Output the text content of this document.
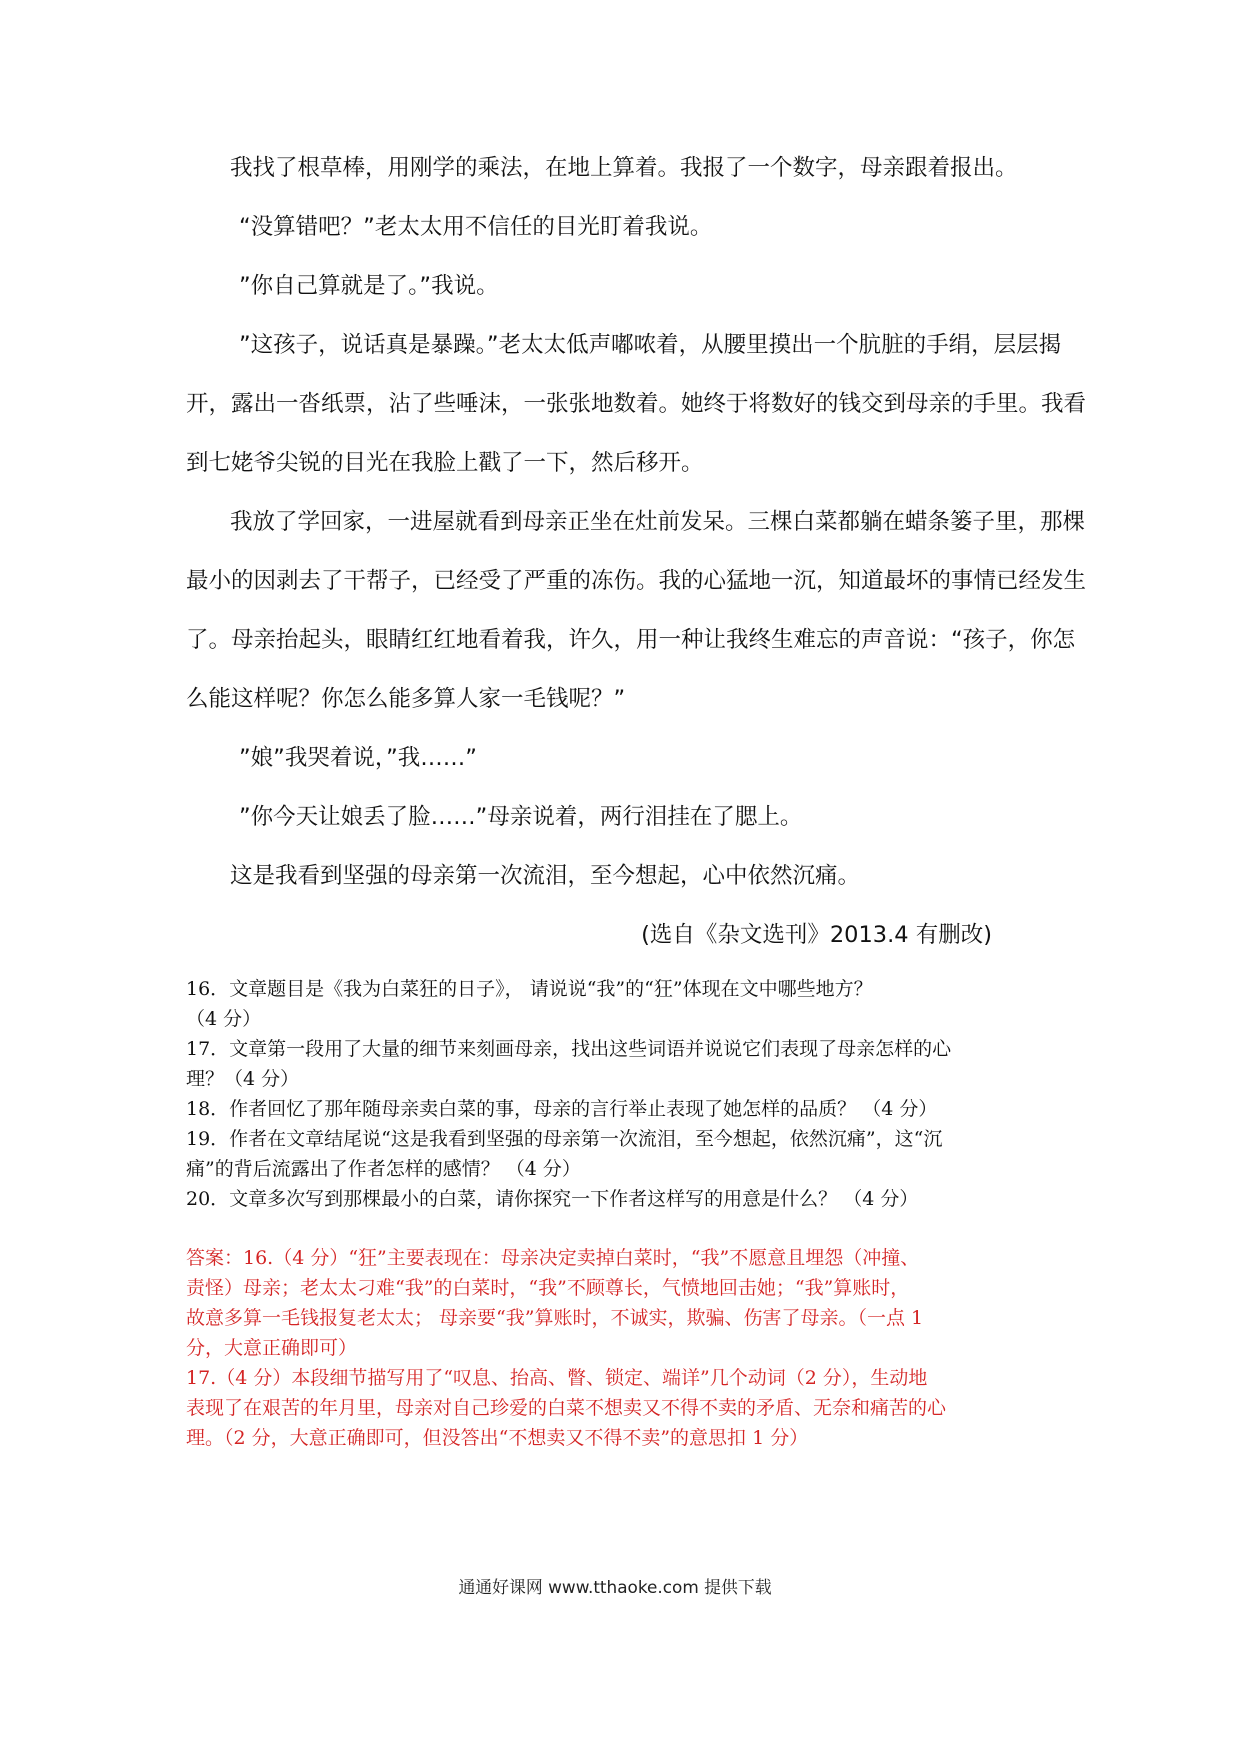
我找了根草棒，用刚学的乘法，在地上算着。我报了一个数字，母亲跟着报出。

“没算错吧？”老太太用不信任的目光盯着我说。

”你自己算就是了。”我说。

”这孩子，说话真是暴躁。”老太太低声嘟哝着，从腰里摸出一个肮脏的手绢，层层揭

开，露出一沓纸票，沾了些唾沫，一张张地数着。她终于将数好的钱交到母亲的手里。我看

到七姥爷尖锐的目光在我脸上戳了一下，然后移开。

我放了学回家，一进屋就看到母亲正坐在灶前发呆。三棵白菜都躺在蜡条篓子里，那棵

最小的因剥去了干帮子，已经受了严重的冻伤。我的心猛地一沉，知道最坏的事情已经发生

了。母亲抬起头，眼睛红红地看着我，许久，用一种让我终生难忘的声音说：“孩子，你怎

么能这样呢？你怎么能多算人家一毛钱呢？”

”娘”我哭着说，”我……”

”你今天让娘丢了脸……”母亲说着，两行泪挂在了腮上。

这是我看到坚强的母亲第一次流泪，至今想起，心中依然沉痛。

(选自《杂文选刊》2013.4 有删改)

16．文章题目是《我为白菜狂的日子》， 请说说“我”的“狂”体现在文中哪些地方？

（4 分）

17．文章第一段用了大量的细节来刻画母亲，找出这些词语并说说它们表现了母亲怎样的心

理？（4 分）

18．作者回忆了那年随母亲卖白菜的事，母亲的言行举止表现了她怎样的品质？ （4 分）

19．作者在文章结尾说“这是我看到坚强的母亲第一次流泪，至今想起，依然沉痛”，这“沉

痛”的背后流露出了作者怎样的感情？ （4 分）

20．文章多次写到那棵最小的白菜，请你探究一下作者这样写的用意是什么？ （4 分）

答案：16.（4 分）“狂”主要表现在：母亲决定卖掉白菜时，“我”不愿意且埋怨（冲撞、

责怪）母亲；老太太刁难“我”的白菜时，“我”不顾尊长，气愤地回击她；“我”算账时，

故意多算一毛钱报复老太太； 母亲要“我”算账时，不诚实，欺骗、伤害了母亲。（一点 1

分，大意正确即可）

17.（4 分）本段细节描写用了“叹息、抬高、瞥、锁定、端详”几个动词（2 分），生动地

表现了在艰苦的年月里，母亲对自己珍爱的白菜不想卖又不得不卖的矛盾、无奈和痛苦的心

理。（2 分，大意正确即可，但没答出“不想卖又不得不卖”的意思扣 1 分）

通通好课网 www.tthaoke.com 提供下载
